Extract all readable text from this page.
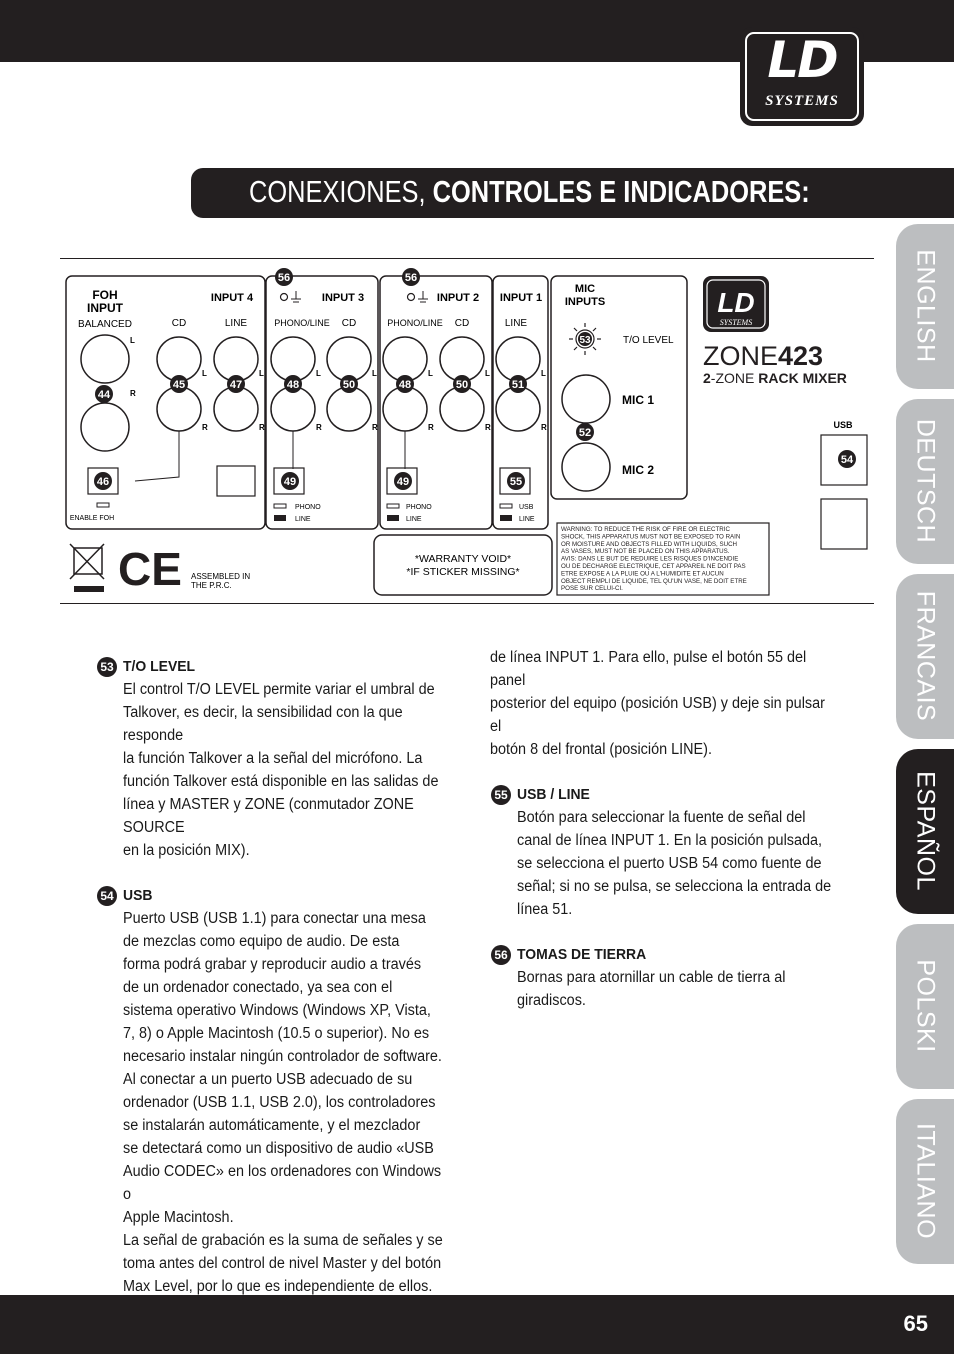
LD
SYSTEMS
CONEXIONES, CONTROLES E INDICADORES:
ENGLISH
DEUTSCH
FRANCAIS
ESPAÑOL
POLSKI
ITALIANO
FOH
INPUT
BALANCED
INPUT 4	INPUT 3	INPUT 2 INPUT 1
MIC
INPUTS
CD	LINE	PHONO/LINE CD	PHONO/LINE CD	LINE
L
R
L
R
L
R
L
R
L
R
L
R
L
R
L
R
ENABLE FOH
PHONO
LINE
PHONO
LINE
USB
LINE
T/O LEVEL
MIC 1
MIC 2
44
45
46
47	48
49
50	48
49
50	51
55
52
53
56	56
LD
SYSTEMS
ZONE423
2-ZONE RACK MIXER
USB
54
CE ASSEMBLED IN
THE P.R.C.
*WARRANTY VOID*
*IF STICKER MISSING*
WARNING: TO REDUCE THE RISK OF FIRE OR ELECTRIC
SHOCK, THIS APPARATUS MUST NOT BE EXPOSED TO RAIN
OR MOISTURE AND OBJECTS FILLED WITH LIQUIDS, SUCH
AS VASES, MUST NOT BE PLACED ON THIS APPARATUS.
AVIS: DANS LE BUT DE REDUIRE LES RISQUES D'INCENDIE
OU DE DECHARGE ELECTRIQUE, CET APPAREIL NE DOIT PAS
ETRE EXPOSE A LA PLUIE OU A L'HUMIDITE ET AUCUN
OBJECT REMPLI DE LIQUIDE, TEL QU'UN VASE, NE DOIT ETRE
POSE SUR CELUI-CI.
53 T/O LEVEL
El control T/O LEVEL permite variar el umbral de
Talkover, es decir, la sensibilidad con la que responde
la función Talkover a la señal del micrófono. La
función Talkover está disponible en las salidas de
línea y MASTER y ZONE (conmutador ZONE SOURCE
en la posición MIX).
54 USB
Puerto USB (USB 1.1) para conectar una mesa
de mezclas como equipo de audio. De esta
forma podrá grabar y reproducir audio a través
de un ordenador conectado, ya sea con el
sistema operativo Windows (Windows XP, Vista,
7, 8) o Apple Macintosh (10.5 o superior). No es
necesario instalar ningún controlador de software.
Al conectar a un puerto USB adecuado de su
ordenador (USB 1.1, USB 2.0), los controladores
se instalarán automáticamente, y el mezclador
se detectará como un dispositivo de audio «USB
Audio CODEC» en los ordenadores con Windows o
Apple Macintosh.
La señal de grabación es la suma de señales y se
toma antes del control de nivel Master y del botón
Max Level, por lo que es independiente de ellos.

de línea INPUT 1. Para ello, pulse el botón 55 del panel
posterior del equipo (posición USB) y deje sin pulsar el
botón 8 del frontal (posición LINE).
55 USB / LINE
Botón para seleccionar la fuente de señal del
canal de línea INPUT 1. En la posición pulsada,
se selecciona el puerto USB 54 como fuente de
señal; si no se pulsa, se selecciona la entrada de
línea 51.
56 TOMAS DE TIERRA
Bornas para atornillar un cable de tierra al
giradiscos.
65
